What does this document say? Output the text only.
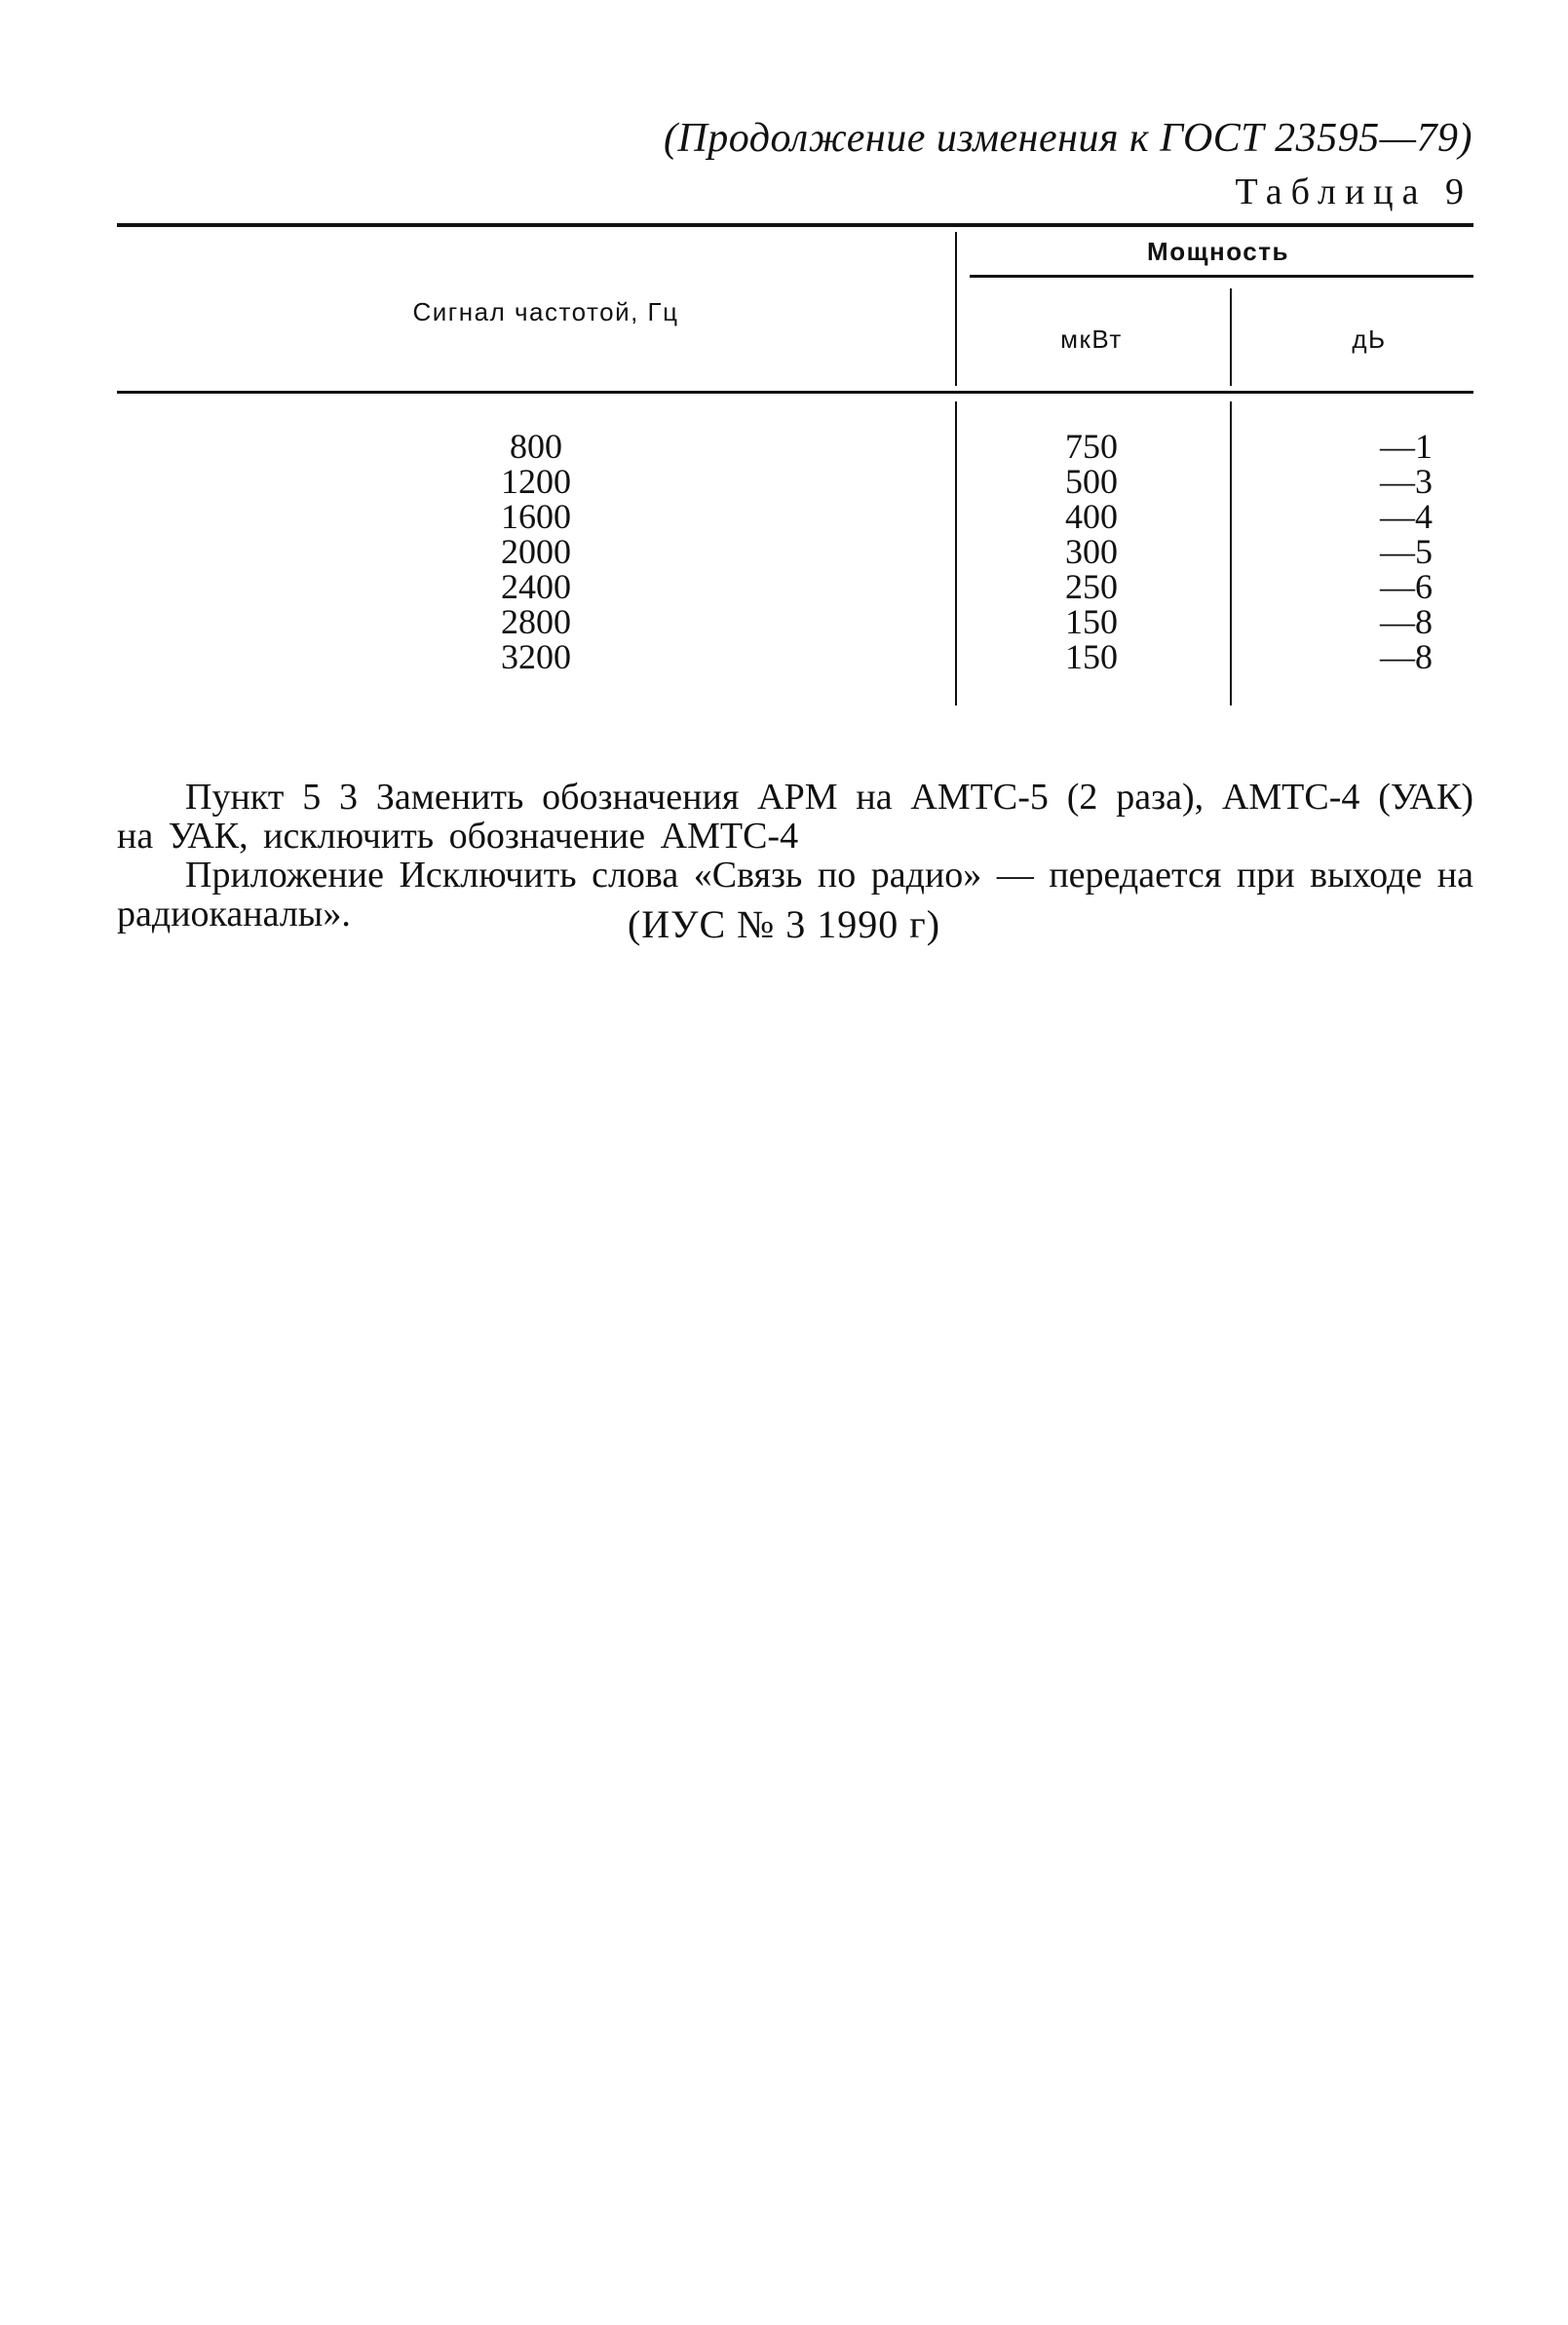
(Продолжение изменения к ГОСТ 23595—79)
Таблица 9
Сигнал частотой, Гц
Мощность
мкВт	дЬ
800
1200
1600
2000
2400
2800
3200
750
500
400
300
250
150
150
—1
—3
—4
—5
—6
—8
—8

Пункт 5 3 Заменить обозначения АРМ на АМТС-5 (2 раза), АМТС-4 (УАК) на УАК, исключить обозначение АМТС-4

Приложение Исключить слова «Связь по радио» — передается при выходе на радиоканалы».	(ИУС № 3 1990 г)
